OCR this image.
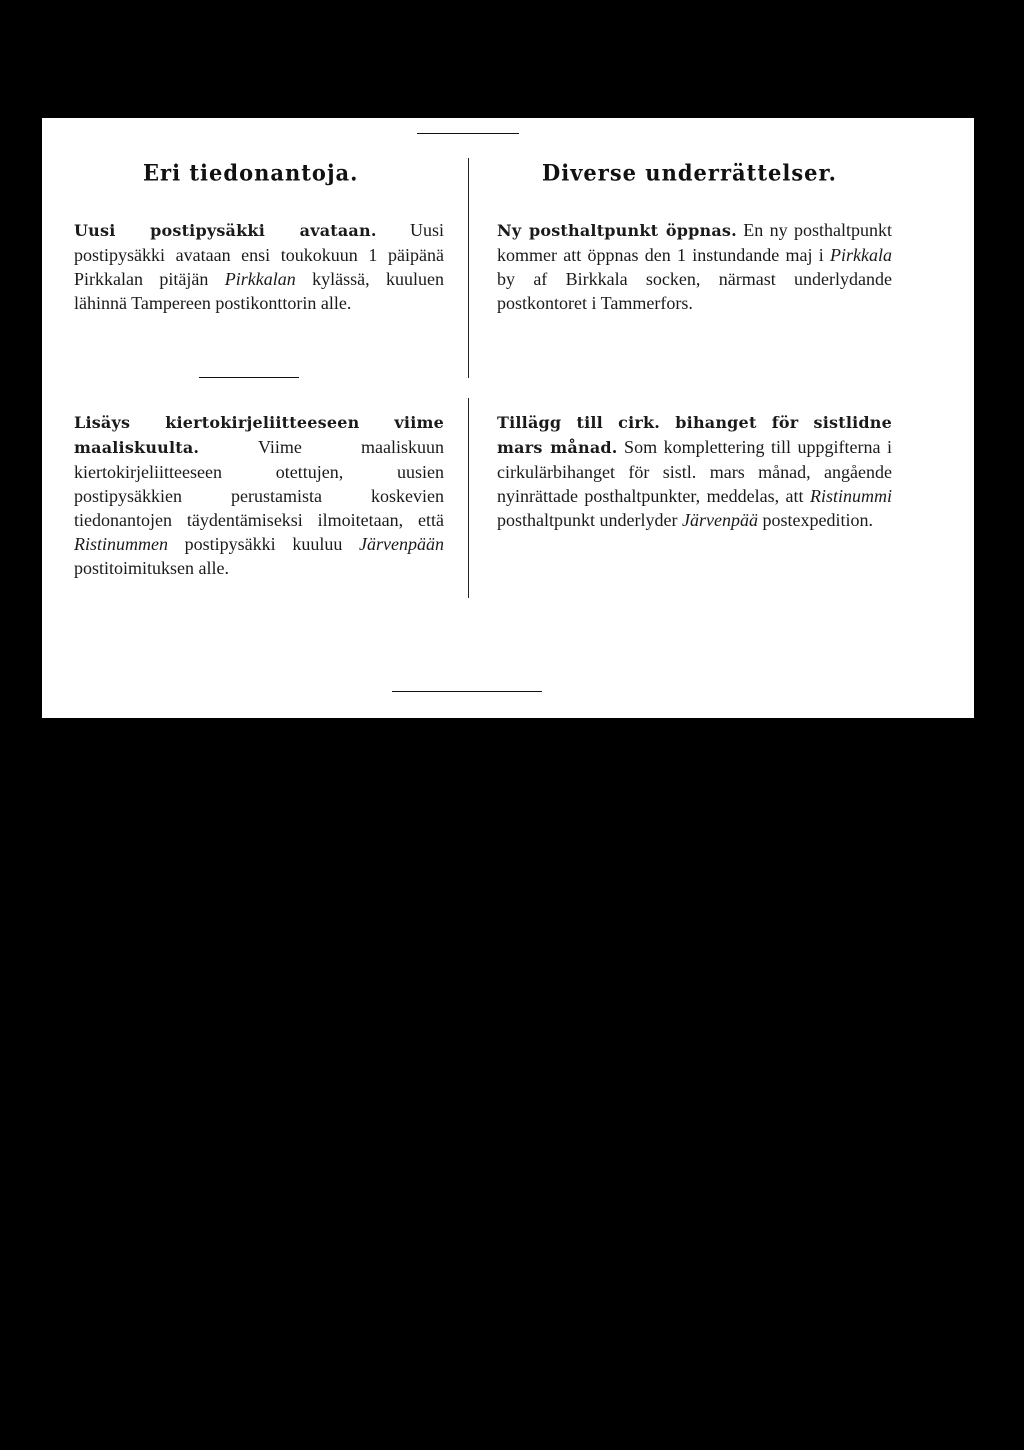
Eri tiedonantoja.

Uusi postipysäkki avataan. Uusi postipysäkki avataan ensi toukokuun 1 päipänä Pirkkalan pitäjän Pirkkalan kylässä, kuuluen lähinnä Tampereen postikonttorin alle.

Lisäys kiertokirjeliitteeseen viime maaliskuulta. Viime maaliskuun kiertokirjeliitteeseen otettujen, uusien postipysäkkien perustamista koskevien tiedonantojen täydentämiseksi ilmoitetaan, että Ristinummen postipysäkki kuuluu Järvenpään postitoimituksen alle.

Diverse underrättelser.

Ny posthaltpunkt öppnas. En ny posthaltpunkt kommer att öppnas den 1 instundande maj i Pirkkala by af Birkkala socken, närmast underlydande postkontoret i Tammerfors.

Tillägg till cirk. bihanget för sistlidne mars månad. Som komplettering till uppgifterna i cirkulärbihanget för sistl. mars månad, angående nyinrättade posthaltpunkter, meddelas, att Ristinummi posthaltpunkt underlyder Järvenpää postexpedition.
